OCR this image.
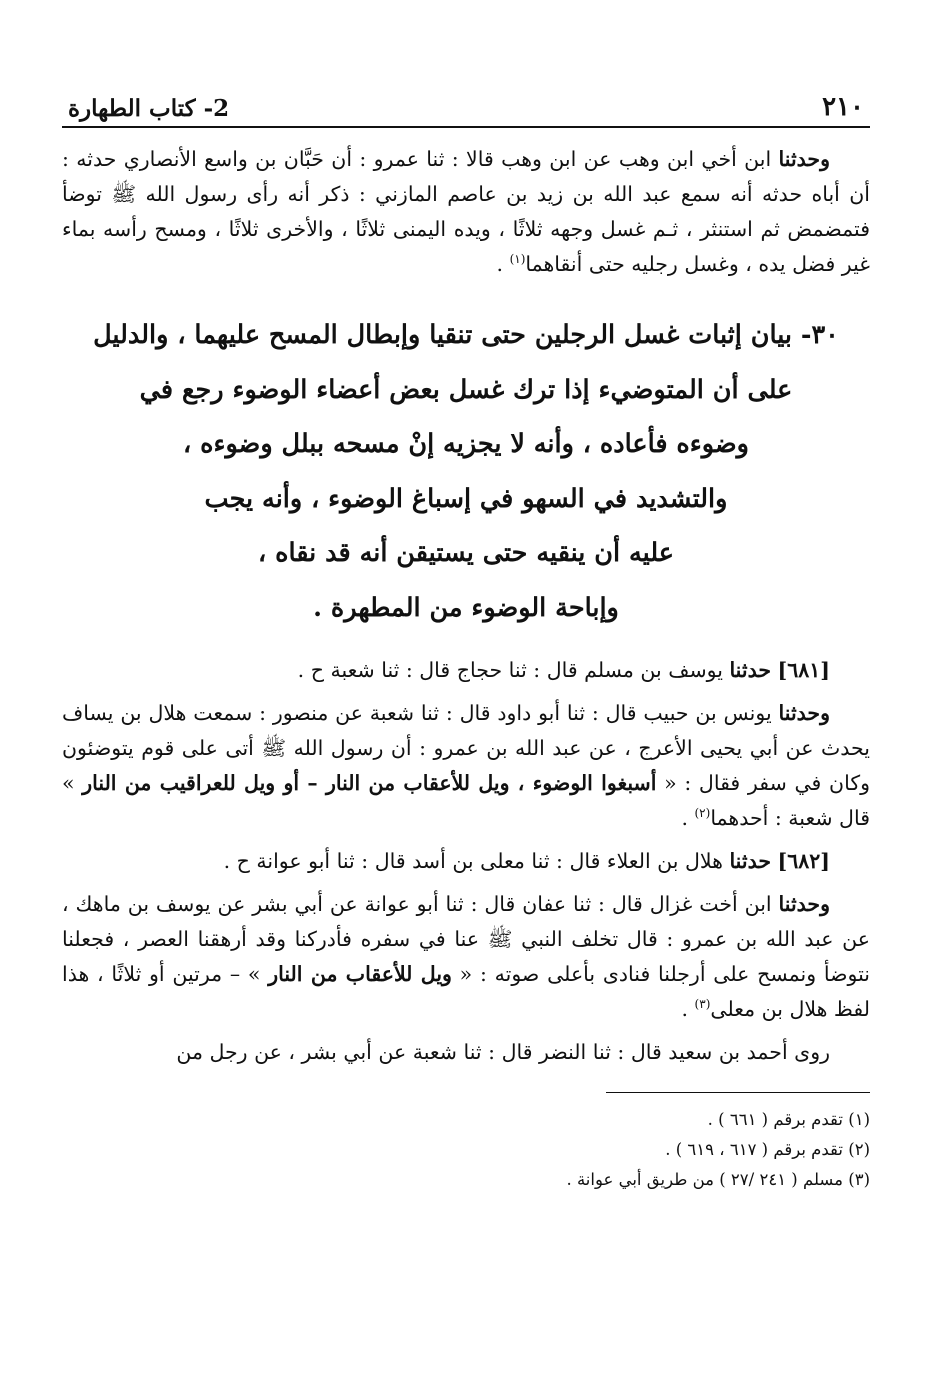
٢١٠
2- كتاب الطهارة

وحدثنا ابن أخي ابن وهب عن ابن وهب قالا : ثنا عمرو : أن حَبَّان بن واسع الأنصاري حدثه : أن أباه حدثه أنه سمع عبد الله بن زيد بن عاصم المازني : ذكر أنه رأى رسول الله ﷺ توضأ فتمضمض ثم استنثر ، ثـم غسل وجهه ثلاثًا ، ويده اليمنى ثلاثًا ، والأخرى ثلاثًا ، ومسح رأسه بماء غير فضل يده ، وغسل رجليه حتى أنقاهما$^{(١)}$ .

٣٠- بيان إثبات غسل الرجلين حتى تنقيا وإبطال المسح عليهما ، والدليل
على أن المتوضيء إذا ترك غسل بعض أعضاء الوضوء رجع في
وضوءه فأعاده ، وأنه لا يجزيه إنْ مسحه ببلل وضوءه ،
والتشديد في السهو في إسباغ الوضوء ، وأنه يجب
عليه أن ينقيه حتى يستيقن أنه قد نقاه ،
وإباحة الوضوء من المطهرة .

[٦٨١] حدثنا يوسف بن مسلم قال : ثنا حجاج قال : ثنا شعبة ح .

وحدثنا يونس بن حبيب قال : ثنا أبو داود قال : ثنا شعبة عن منصور : سمعت هلال بن يساف يحدث عن أبي يحيى الأعرج ، عن عبد الله بن عمرو : أن رسول الله ﷺ أتى على قوم يتوضئون وكان في سفر فقال : « أسبغوا الوضوء ، ويل للأعقاب من النار – أو ويل للعراقيب من النار » قال شعبة : أحدهما$^{(٢)}$ .

[٦٨٢] حدثنا هلال بن العلاء قال : ثنا معلى بن أسد قال : ثنا أبو عوانة ح .

وحدثنا ابن أخت غزال قال : ثنا عفان قال : ثنا أبو عوانة عن أبي بشر عن يوسف بن ماهك ، عن عبد الله بن عمرو : قال تخلف النبي ﷺ عنا في سفره فأدركنا وقد أرهقنا العصر ، فجعلنا نتوضأ ونمسح على أرجلنا فنادى بأعلى صوته : « ويل للأعقاب من النار » – مرتين أو ثلاثًا ، هذا لفظ هلال بن معلى$^{(٣)}$ .

روى أحمد بن سعيد قال : ثنا النضر قال : ثنا شعبة عن أبي بشر ، عن رجل من

(١) تقدم برقم ( ٦٦١ ) .

(٢) تقدم برقم ( ٦١٧ ، ٦١٩ ) .

(٣) مسلم ( ٢٤١ /٢٧ ) من طريق أبي عوانة .
